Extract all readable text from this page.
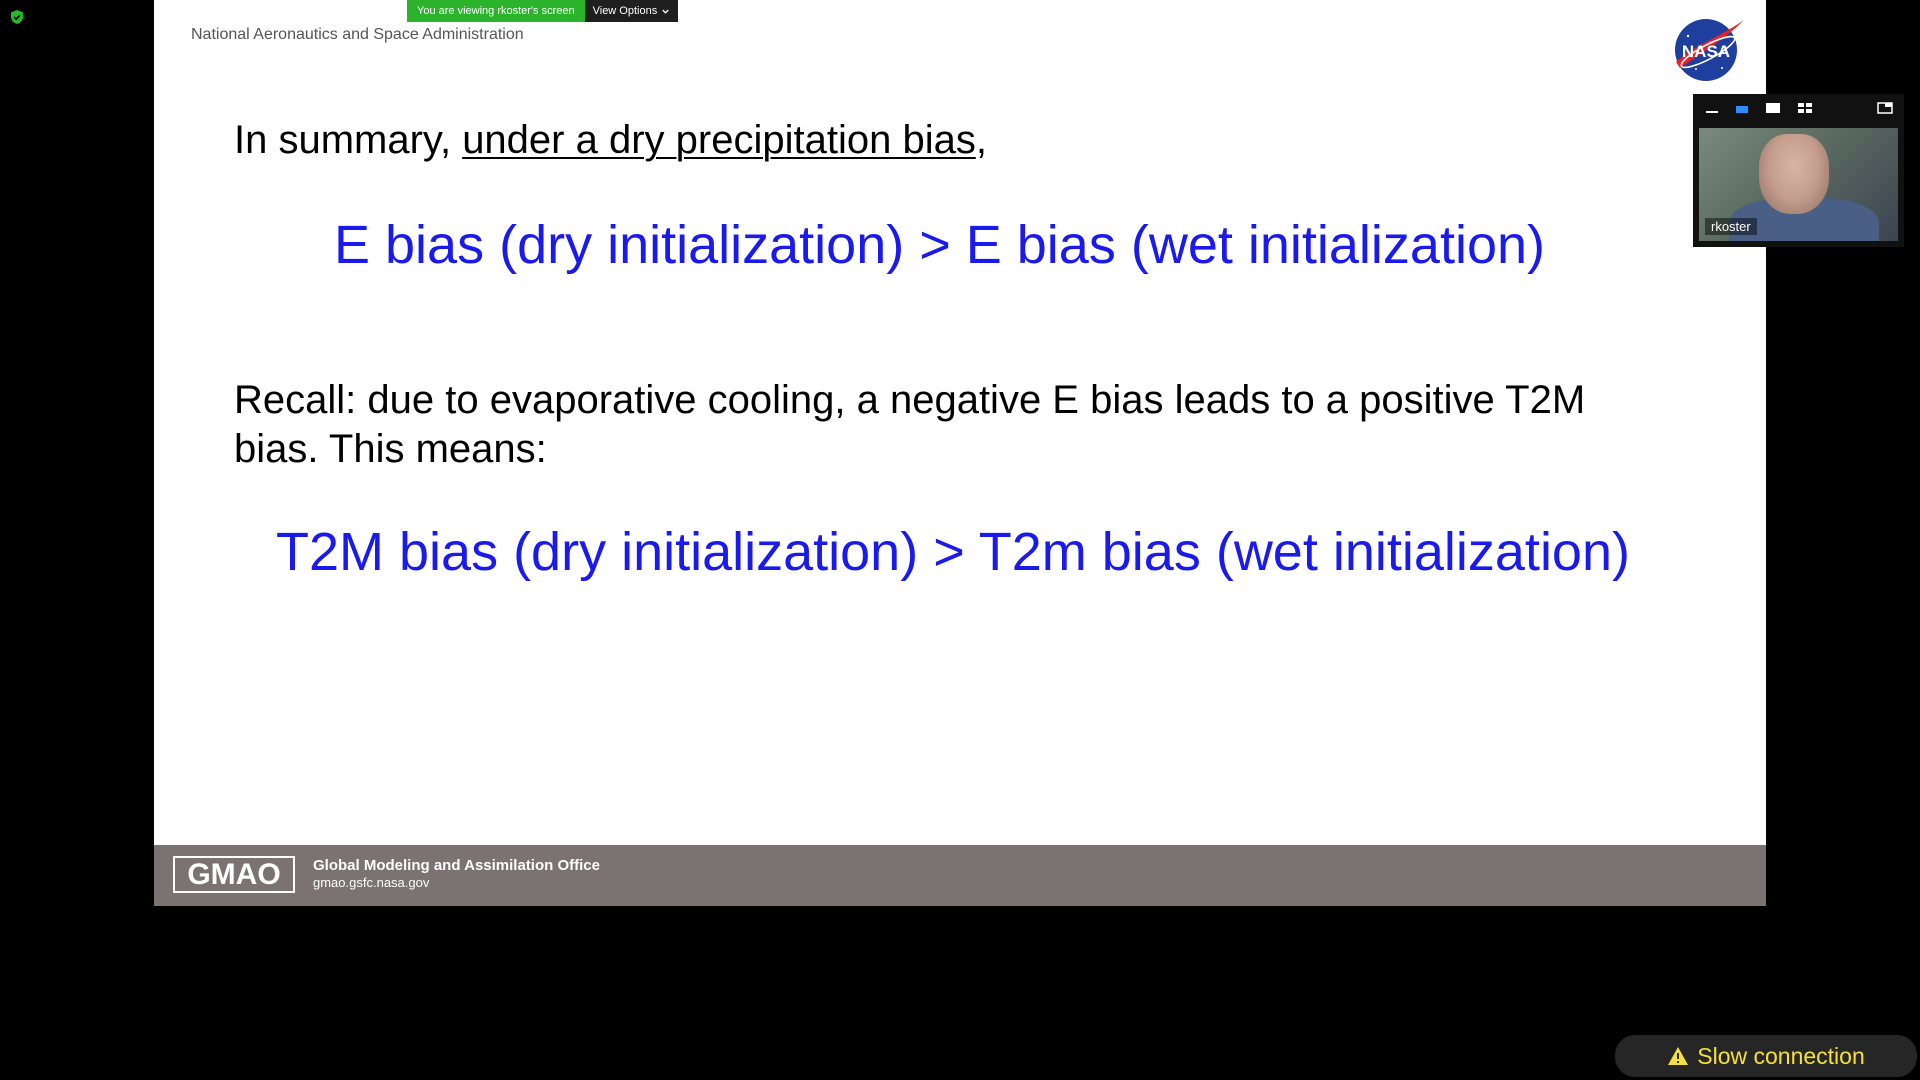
National Aeronautics and Space Administration
NASA
In summary, under a dry precipitation bias,
E bias (dry initialization) > E bias (wet initialization)
Recall: due to evaporative cooling, a negative E bias leads to a positive T2M
bias. This means:
T2M bias (dry initialization) > T2m bias (wet initialization)
GMAO	Global Modeling and Assimilation Office
gmao.gsfc.nasa.gov
You are viewing rkoster's screen	View Options
rkoster
Slow connection
